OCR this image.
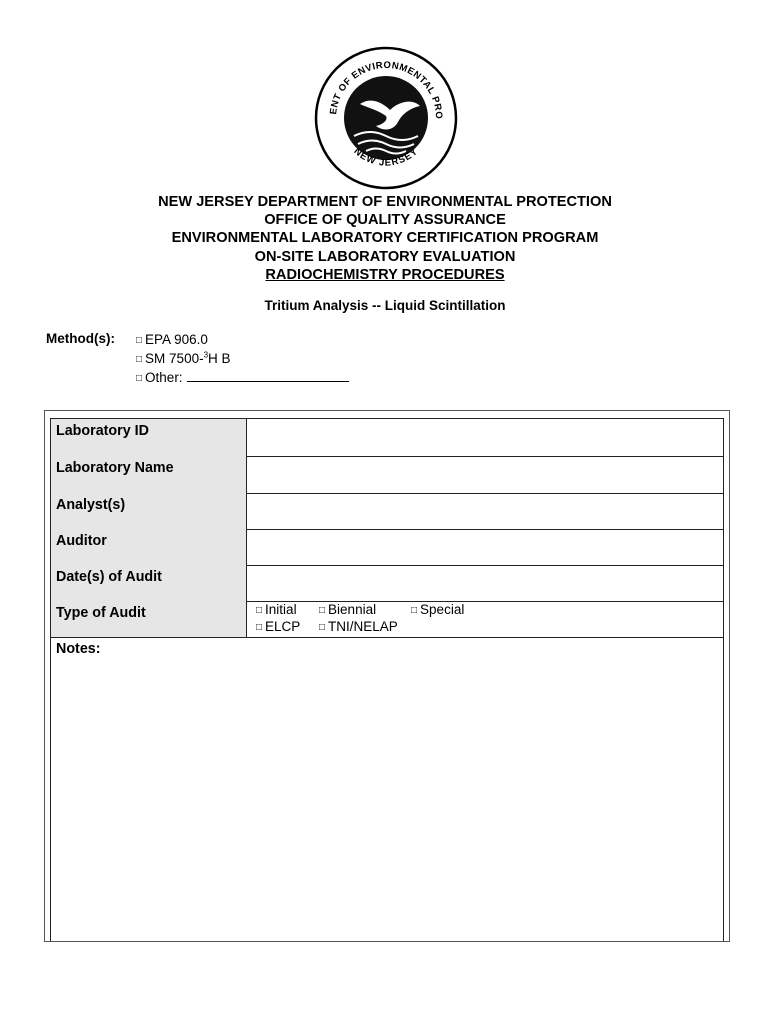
ENT OF ENVIRONMENTAL PRO
NEW JERSEY
NEW JERSEY DEPARTMENT OF ENVIRONMENTAL PROTECTION
OFFICE OF QUALITY ASSURANCE
ENVIRONMENTAL LABORATORY CERTIFICATION PROGRAM
ON-SITE LABORATORY EVALUATION
RADIOCHEMISTRY PROCEDURES
Tritium Analysis -- Liquid Scintillation
Method(s): □ EPA 906.0
□ SM 7500-$^3$H B
□ Other:
Laboratory ID
Laboratory Name
Analyst(s)
Auditor
Date(s) of Audit
Type of Audit	□ Initial □ Biennial	□ Special
□ ELCP □ TNI/NELAP
Notes:
